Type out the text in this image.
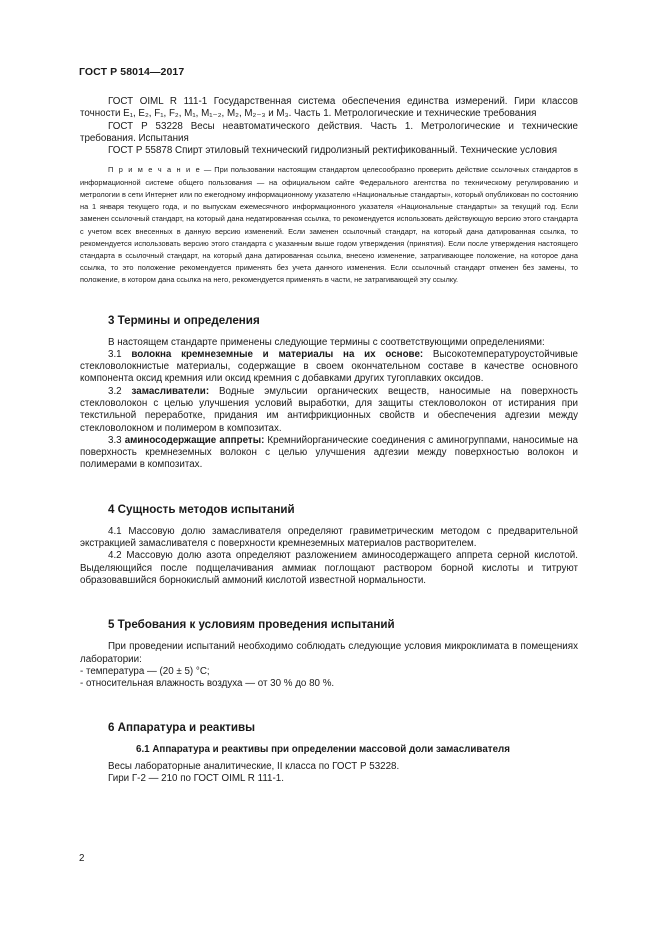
ГОСТ Р 58014—2017

ГОСТ OIML R 111-1 Государственная система обеспечения единства измерений. Гири классов точности E₁, E₂, F₁, F₂, M₁, M₁₋₂, M₂, M₂₋₃ и M₃. Часть 1. Метрологические и технические требования

ГОСТ Р 53228 Весы неавтоматического действия. Часть 1. Метрологические и технические требования. Испытания

ГОСТ Р 55878 Спирт этиловый технический гидролизный ректификованный. Технические условия

П р и м е ч а н и е — При пользовании настоящим стандартом целесообразно проверить действие ссылочных стандартов в информационной системе общего пользования — на официальном сайте Федерального агентства по техническому регулированию и метрологии в сети Интернет или по ежегодному информационному указателю «Национальные стандарты», который опубликован по состоянию на 1 января текущего года, и по выпускам ежемесячного информационного указателя «Национальные стандарты» за текущий год. Если заменен ссылочный стандарт, на который дана недатированная ссылка, то рекомендуется использовать действующую версию этого стандарта с учетом всех внесенных в данную версию изменений. Если заменен ссылочный стандарт, на который дана датированная ссылка, то рекомендуется использовать версию этого стандарта с указанным выше годом утверждения (принятия). Если после утверждения настоящего стандарта в ссылочный стандарт, на который дана датированная ссылка, внесено изменение, затрагивающее положение, на которое дана ссылка, то это положение рекомендуется применять без учета данного изменения. Если ссылочный стандарт отменен без замены, то положение, в котором дана ссылка на него, рекомендуется применять в части, не затрагивающей эту ссылку.
3 Термины и определения

В настоящем стандарте применены следующие термины с соответствующими определениями:

3.1 волокна кремнеземные и материалы на их основе: Высокотемпературоустойчивые стекловолокнистые материалы, содержащие в своем окончательном составе в качестве основного компонента оксид кремния или оксид кремния с добавками других тугоплавких оксидов.

3.2 замасливатели: Водные эмульсии органических веществ, наносимые на поверхность стекловолокон с целью улучшения условий выработки, для защиты стекловолокон от истирания при текстильной переработке, придания им антифрикционных свойств и обеспечения адгезии между стекловолокном и полимером в композитах.

3.3 аминосодержащие аппреты: Кремнийорганические соединения с аминогруппами, наносимые на поверхность кремнеземных волокон с целью улучшения адгезии между поверхностью волокон и полимерами в композитах.

4 Сущность методов испытаний

4.1 Массовую долю замасливателя определяют гравиметрическим методом с предварительной экстракцией замасливателя с поверхности кремнеземных материалов растворителем.

4.2 Массовую долю азота определяют разложением аминосодержащего аппрета серной кислотой. Выделяющийся после подщелачивания аммиак поглощают раствором борной кислоты и титруют образовавшийся борнокислый аммоний кислотой известной нормальности.

5 Требования к условиям проведения испытаний

При проведении испытаний необходимо соблюдать следующие условия микроклимата в помещениях лаборатории:

- температура — (20 ± 5) °С;

- относительная влажность воздуха — от 30 % до 80 %.

6 Аппаратура и реактивы

6.1 Аппаратура и реактивы при определении массовой доли замасливателя

Весы лабораторные аналитические, II класса по ГОСТ Р 53228.

Гири Г-2 — 210 по ГОСТ OIML R 111-1.

2
